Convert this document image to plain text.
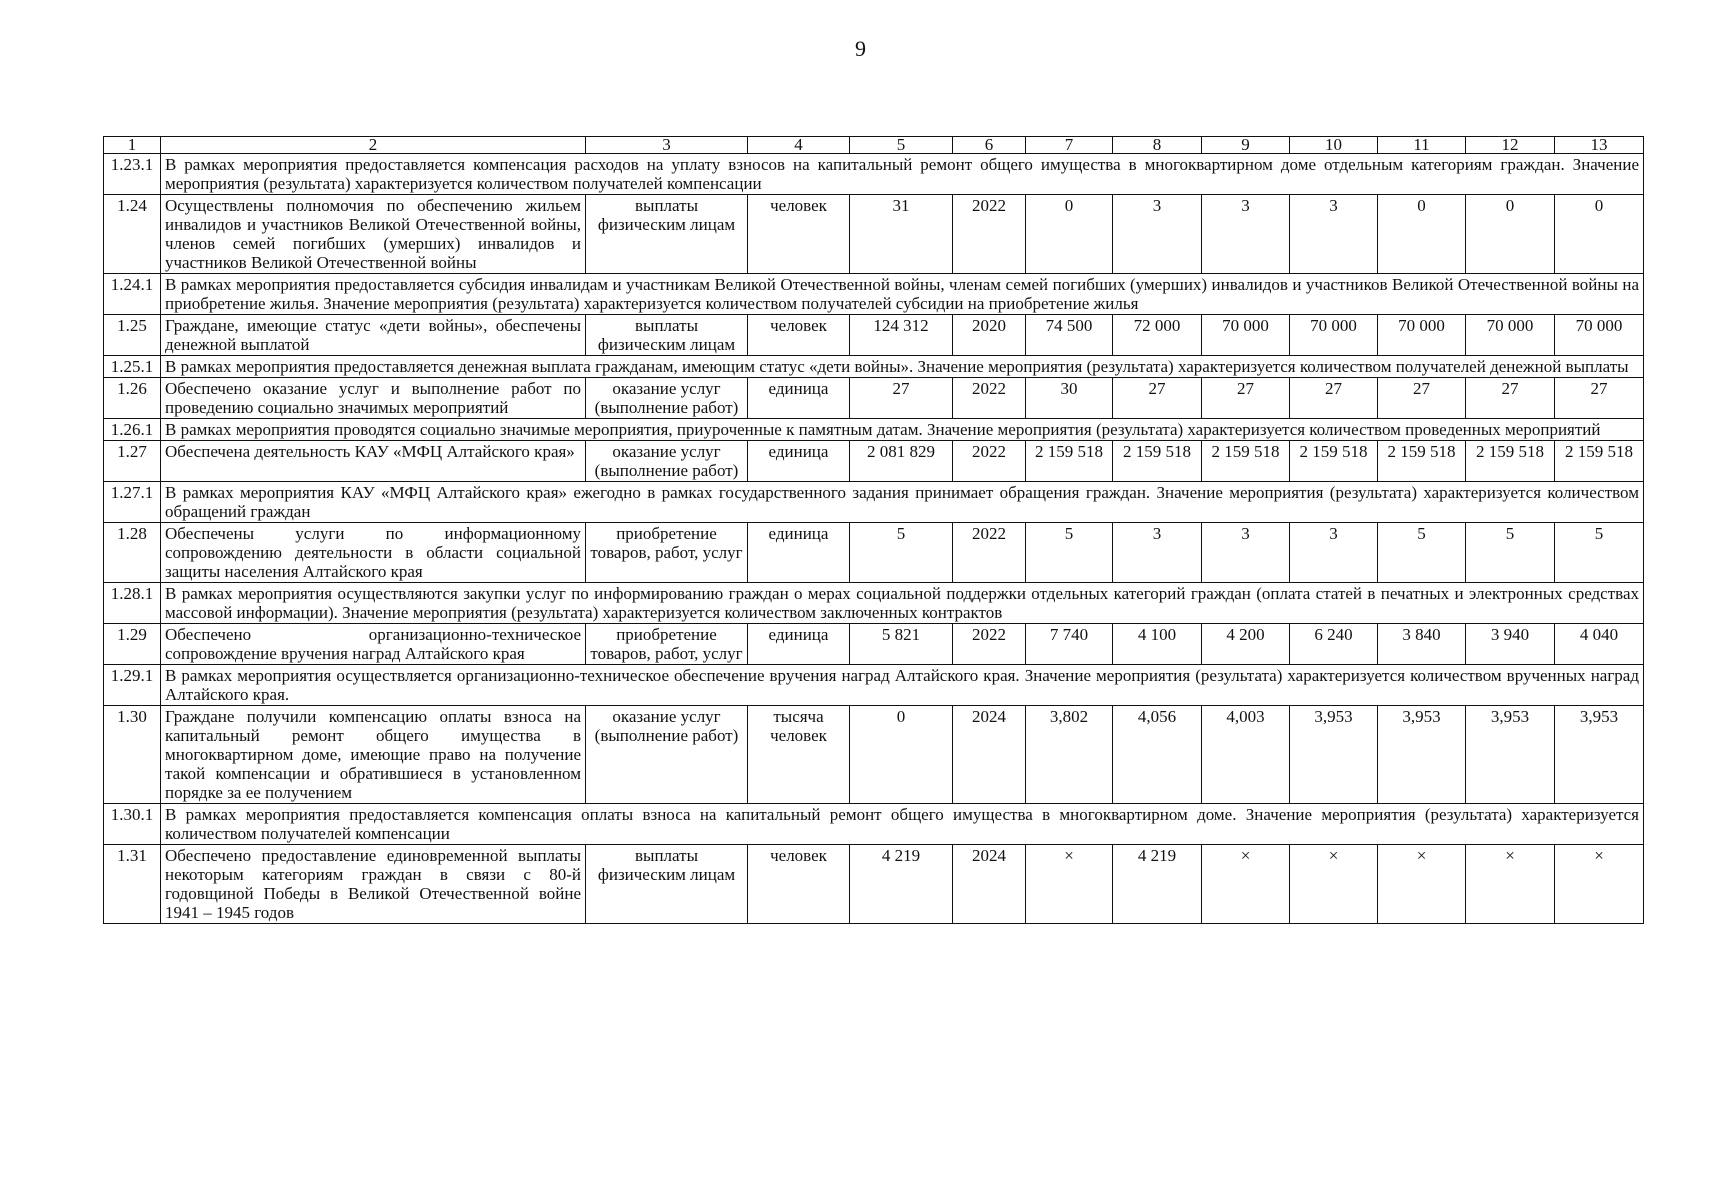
9
1	2	3	4	5	6	7	8	9	10	11	12	13
1.23.1	В рамках мероприятия предоставляется компенсация расходов на уплату взносов на капитальный ремонт общего имущества в многоквартирном доме отдельным категориям граждан. Значение мероприятия (результата) характеризуется количеством получателей компенсации											
1.24	Осуществлены полномочия по обеспечению жильем инвалидов и участников Великой Отечественной войны, членов семей погибших (умерших) инвалидов и участников Великой Отечественной войны	выплаты физическим лицам	человек	31	2022	0	3	3	3	0	0	0
1.24.1	В рамках мероприятия предоставляется субсидия инвалидам и участникам Великой Отечественной войны, членам семей погибших (умерших) инвалидов и участников Великой Отечественной войны на приобретение жилья. Значение мероприятия (результата) характеризуется количеством получателей субсидии на приобретение жилья											
1.25	Граждане, имеющие статус «дети войны», обеспечены денежной выплатой	выплаты физическим лицам	человек	124 312	2020	74 500	72 000	70 000	70 000	70 000	70 000	70 000
1.25.1	В рамках мероприятия предоставляется денежная выплата гражданам, имеющим статус «дети войны». Значение мероприятия (результата) характеризуется количеством получателей денежной выплаты											
1.26	Обеспечено оказание услуг и выполнение работ по проведению социально значимых мероприятий	оказание услуг (выполнение работ)	единица	27	2022	30	27	27	27	27	27	27
1.26.1	В рамках мероприятия проводятся социально значимые мероприятия, приуроченные к памятным датам. Значение мероприятия (результата) характеризуется количеством проведенных мероприятий											
1.27	Обеспечена деятельность КАУ «МФЦ Алтайского края»	оказание услуг (выполнение работ)	единица	2 081 829	2022	2 159 518	2 159 518	2 159 518	2 159 518	2 159 518	2 159 518	2 159 518
1.27.1	В рамках мероприятия КАУ «МФЦ Алтайского края» ежегодно в рамках государственного задания принимает обращения граждан. Значение мероприятия (результата) характеризуется количеством обращений граждан											
1.28	Обеспечены услуги по информационному сопровождению деятельности в области социальной защиты населения Алтайского края	приобретение товаров, работ, услуг	единица	5	2022	5	3	3	3	5	5	5
1.28.1	В рамках мероприятия осуществляются закупки услуг по информированию граждан о мерах социальной поддержки отдельных категорий граждан (оплата статей в печатных и электронных средствах массовой информации). Значение мероприятия (результата) характеризуется количеством заключенных контрактов											
1.29	Обеспечено организационно-техническое сопровождение вручения наград Алтайского края	приобретение товаров, работ, услуг	единица	5 821	2022	7 740	4 100	4 200	6 240	3 840	3 940	4 040
1.29.1	В рамках мероприятия осуществляется организационно-техническое обеспечение вручения наград Алтайского края. Значение мероприятия (результата) характеризуется количеством врученных наград Алтайского края.											
1.30	Граждане получили компенсацию оплаты взноса на капитальный ремонт общего имущества в многоквартирном доме, имеющие право на получение такой компенсации и обратившиеся в установленном порядке за ее получением	оказание услуг (выполнение работ)	тысяча человек	0	2024	3,802	4,056	4,003	3,953	3,953	3,953	3,953
1.30.1	В рамках мероприятия предоставляется компенсация оплаты взноса на капитальный ремонт общего имущества в многоквартирном доме. Значение мероприятия (результата) характеризуется количеством получателей компенсации											
1.31	Обеспечено предоставление единовременной выплаты некоторым категориям граждан в связи с 80-й годовщиной Победы в Великой Отечественной войне 1941 – 1945 годов	выплаты физическим лицам	человек	4 219	2024	×	4 219	×	×	×	×	×
